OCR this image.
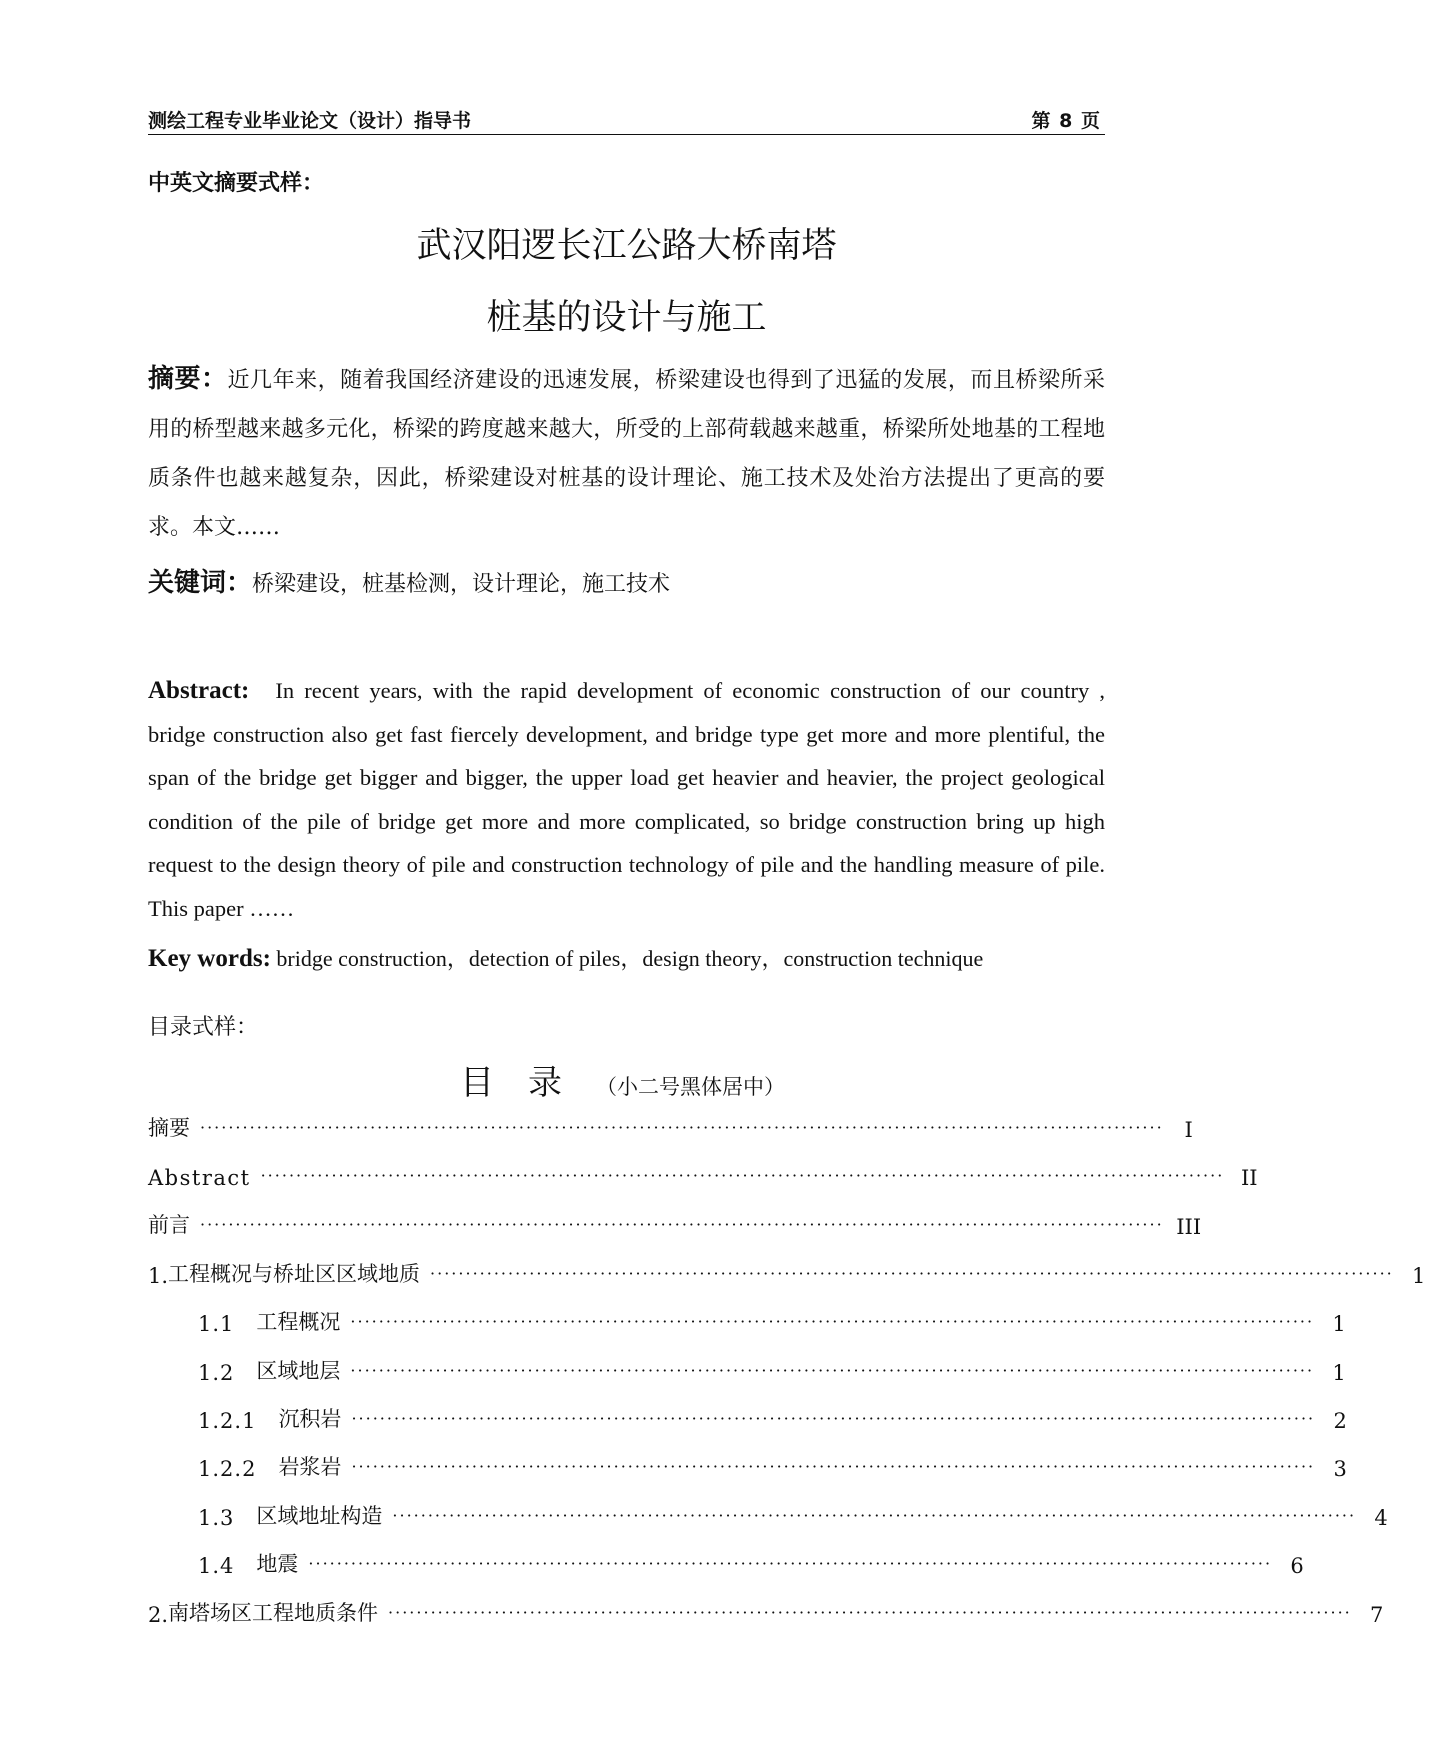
测绘工程专业毕业论文（设计）指导书	第 8 页
中英文摘要式样：
武汉阳逻长江公路大桥南塔
桩基的设计与施工
摘要：近几年来，随着我国经济建设的迅速发展，桥梁建设也得到了迅猛的发展，而且桥梁所采用的桥型越来越多元化，桥梁的跨度越来越大，所受的上部荷载越来越重，桥梁所处地基的工程地质条件也越来越复杂，因此，桥梁建设对桩基的设计理论、施工技术及处治方法提出了更高的要求。本文……
关键词：桥梁建设，桩基检测，设计理论，施工技术
Abstract: In recent years, with the rapid development of economic construction of our country , bridge construction also get fast fiercely development, and bridge type get more and more plentiful, the span of the bridge get bigger and bigger, the upper load get heavier and heavier, the project geological condition of the pile of bridge get more and more complicated, so bridge construction bring up high request to the design theory of pile and construction technology of pile and the handling measure of pile. This paper ……
Key words: bridge construction，detection of piles，design theory，construction technique
目录式样：
目录（小二号黑体居中）
摘要 ········································································································································ I
Abstract ········································································································································ II
前言 ········································································································································ III
1. 工程概况与桥址区区域地质 ········································································································································ 1
1.1 工程概况 ········································································································································ 1
1.2 区域地层 ········································································································································ 1
1.2.1 沉积岩 ········································································································································ 2
1.2.2 岩浆岩 ········································································································································ 3
1.3 区域地址构造 ········································································································································ 4
1.4 地震 ········································································································································ 6
2. 南塔场区工程地质条件 ········································································································································ 7
